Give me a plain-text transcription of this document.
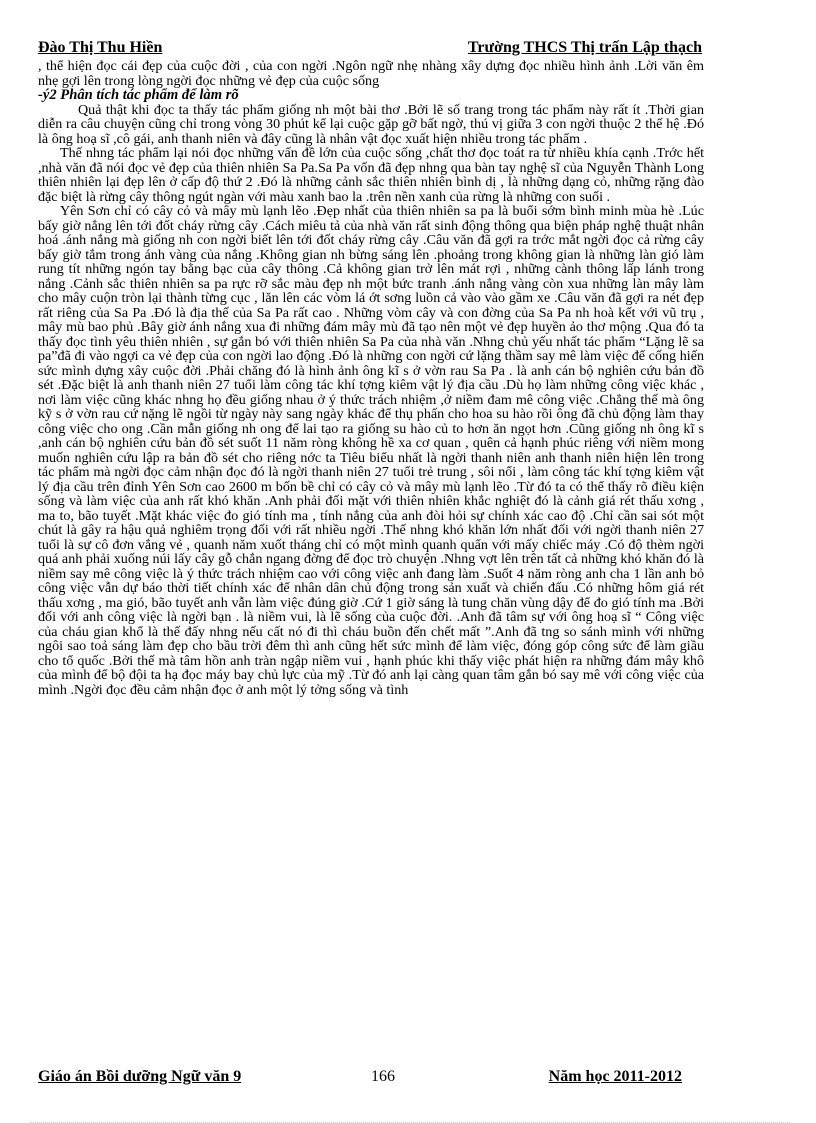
Đào Thị Thu Hiền	Trường THCS Thị trấn Lập thạch

, thể hiện đọc cái đẹp của cuộc đời , của con ngời .Ngôn ngữ nhẹ nhàng xây dựng đọc nhiều hình ảnh .Lời văn êm nhẹ gợi lên trong lòng ngời đọc những vẻ đẹp của cuộc sống

-ý2 Phân tích tác phẩm để làm rõ

Quả thật khi đọc ta thấy tác phẩm giống nh một bài thơ .Bởi lẽ số trang trong tác phẩm này rất ít .Thời gian diễn ra câu chuyện cũng chỉ trong vòng 30 phút kể lại cuộc gặp gỡ bất ngờ, thú vị giữa 3 con ngời thuộc 2 thế hệ .Đó là ông hoạ sĩ ,cô gái, anh thanh niên và đây cũng là nhân vật đọc xuất hiện nhiều trong tác phẩm .

Thế nhng tác phẩm lại nói đọc những vấn đề lớn của cuộc sống ,chất thơ đọc toát ra từ nhiều khía cạnh .Trớc hết ,nhà văn đã nói đọc vẻ đẹp của thiên nhiên Sa Pa.Sa Pa vốn đã đẹp nhng qua bàn tay nghệ sĩ của Nguyễn Thành Long thiên nhiên lại đẹp lên ở cấp độ thứ 2 .Đó là những cảnh sắc thiên nhiên bình dị , là những dạng cỏ, những rặng đào đặc biệt là rừng cây thông ngút ngàn với màu xanh bao la .trên nền xanh của rừng là những con suối .

Yên Sơn chỉ có cây cỏ và mây mù lạnh lẽo .Đẹp nhất của thiên nhiên sa pa là buổi sớm bình minh mùa hè .Lúc bấy giờ nắng lên tới đốt cháy rừng cây .Cách miêu tả của nhà văn rất sinh động thông qua biện pháp nghệ thuật nhân hoá .ánh nắng mà giống nh con ngời biết lên tới đốt cháy rừng cây .Câu văn đã gợi ra trớc mắt ngời đọc cả rừng cây bấy giờ tắm trong ánh vàng của nắng .Không gian nh bừng sáng lên .phoảng trong không gian là những làn gió làm rung tít những ngón tay bằng bạc của cây thông .Cả không gian trở lên mát rợi , những cành thông lấp lánh trong nắng .Cảnh sắc thiên nhiên sa pa rực rỡ sắc màu đẹp nh một bức tranh .ánh nắng vàng còn xua những làn mây làm cho mây cuộn tròn lại thành từng cục , lăn lên các vòm lá ớt sơng luồn cả vào vào gầm xe .Câu văn đã gợi ra nét đẹp rất riêng của Sa Pa .Đó là địa thế của Sa Pa rất cao . Những vòm cây và con đờng của Sa Pa nh hoà kết với vũ trụ , mây mù bao phủ .Bây giờ ánh nắng xua đi những đám mây mù đã tạo nên một vẻ đẹp huyền ảo thơ mộng .Qua đó ta thấy đọc tình yêu thiên nhiên , sự gắn bó với thiên nhiên Sa Pa của nhà văn .Nhng chủ yếu nhất tác phẩm “Lặng lẽ sa pa”đã đi vào ngợi ca vẻ đẹp của con ngời lao động .Đó là những con ngời cứ lặng thầm say mê làm việc để cống hiến sức mình dựng xây cuộc đời .Phải chăng đó là hình ảnh ông kĩ s ở vờn rau Sa Pa . là anh cán bộ nghiên cứu bản đồ sét .Đặc biệt là anh thanh niên 27 tuổi làm công tác khí tợng kiêm vật lý địa cầu .Dù họ làm những công việc khác , nơi làm việc cũng khác nhng họ đều giống nhau ở ý thức trách nhiệm ,ở niềm đam mê công việc .Chẳng thế mà ông kỹ s ở vờn rau cứ nặng lẽ ngồi từ ngày này sang ngày khác để thụ phấn cho hoa su hào rồi ông đã chủ động làm thay công việc cho ong .Cần mẫn giống nh ong để lai tạo ra giống su hào củ to hơn ăn ngọt hơn .Cũng giống nh ông kĩ s ,anh cán bộ nghiên cứu bản đồ sét suốt 11 năm ròng không hề xa cơ quan , quên cả hạnh phúc riêng với niềm mong muốn nghiên cứu lập ra bản đồ sét cho riêng nớc ta Tiêu biểu nhất là ngời thanh niên anh thanh niên hiện lên trong tác phẩm mà ngời đọc cảm nhận đọc đó là ngời thanh niên 27 tuổi trẻ trung , sôi nổi , làm công tác khí tợng kiêm vật lý địa cầu trên đỉnh Yên Sơn cao 2600 m bốn bề chỉ có cây cỏ và mây mù lạnh lẽo .Từ đó ta có thể thấy rõ điều kiện sống và làm việc của anh rất khó khăn .Anh phải đối mặt với thiên nhiên khắc nghiệt đó là cảnh giá rét thấu xơng , ma to, bão tuyết .Mặt khác việc đo gió tính ma , tính nắng của anh đòi hỏi sự chính xác cao độ .Chỉ cần sai sót một chút là gây ra hậu quả nghiêm trọng đối với rất nhiều ngời .Thế nhng khó khăn lớn nhất đối với ngời thanh niên 27 tuổi là sự cô đơn vắng vẻ , quanh năm xuốt tháng chỉ có một mình quanh quẩn với mấy chiếc máy .Có độ thèm ngời quá anh phải xuống núi lấy cây gỗ chắn ngang đờng để đọc trò chuyện .Nhng vợt lên trên tất cả những khó khăn đó là niềm say mê công việc là ý thức trách nhiệm cao với công việc anh đang làm .Suốt 4 năm ròng anh cha 1 lần anh bỏ công việc vẫn dự báo thời tiết chính xác để nhân dân chủ động trong sản xuất và chiến đấu .Có những hôm giá rét thấu xơng , ma gió, bão tuyết anh vẫn làm việc đúng giờ .Cứ 1 giờ sáng là tung chăn vùng dậy để đo gió tính ma .Bởi đối với anh công việc là ngời bạn . là niềm vui, là lẽ sống của cuộc đời. .Anh đã tâm sự với ông hoạ sĩ “ Công việc của cháu gian khổ là thế đấy nhng nếu cất nó đi thì cháu buồn đến chết mất ”.Anh đã tng so sánh mình với những ngôi sao toả sáng làm đẹp cho bầu trời đêm thì anh cũng hết sức mình để làm việc, đóng góp công sức để làm giầu cho tổ quốc .Bởi thế mà tâm hồn anh tràn ngập niềm vui , hạnh phúc khi thấy việc phát hiện ra những đám mây khô của mình để bộ đội ta hạ đọc máy bay chủ lực của mỹ .Từ đó anh lại càng quan tâm gắn bó say mê với công việc của mình .Ngời đọc đều cảm nhận đọc ở anh một lý tởng sống và tình

Giáo án Bồi dưỡng Ngữ văn 9	166	Năm học 2011-2012
